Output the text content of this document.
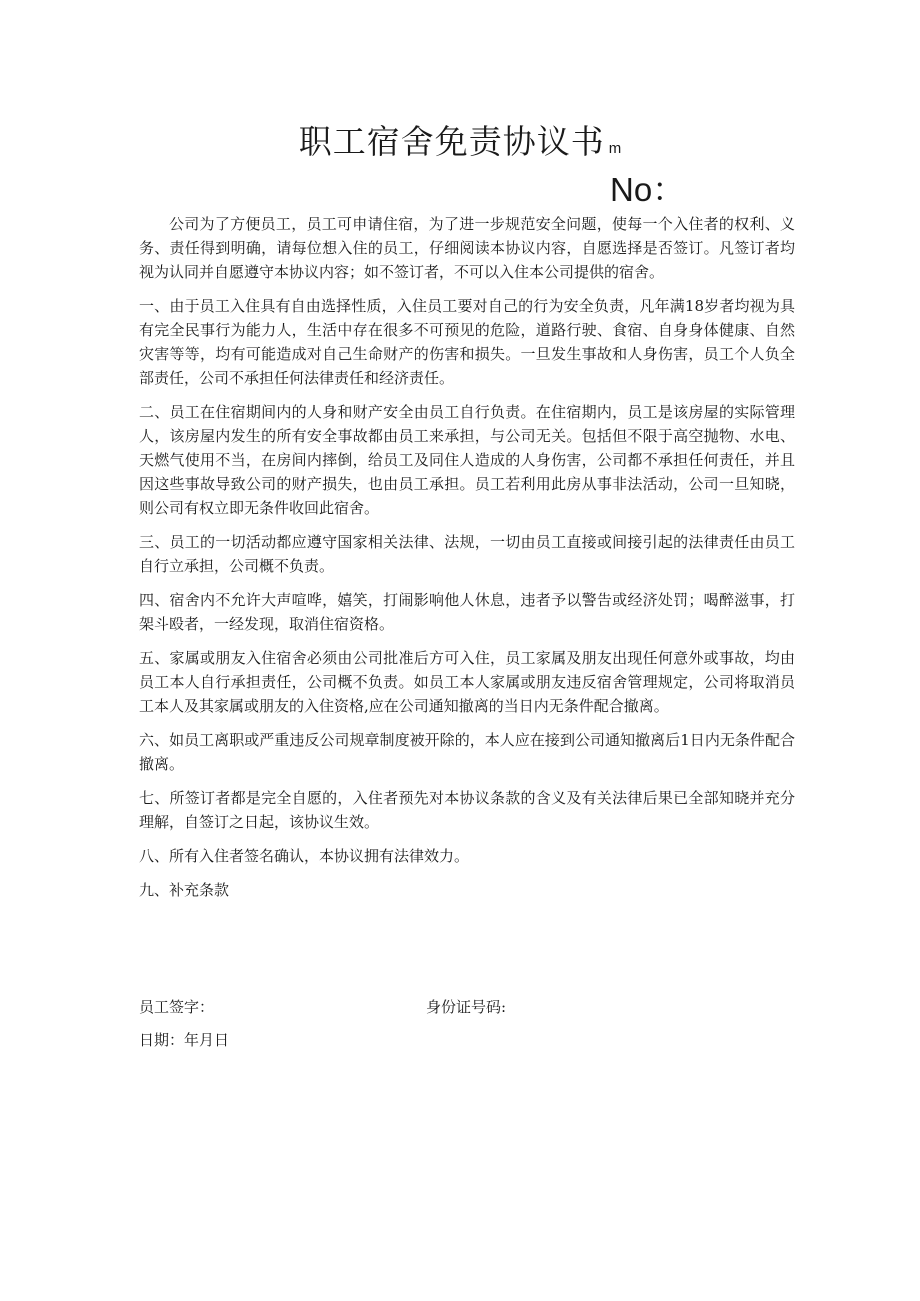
职工宿舍免责协议书 m
No：

公司为了方便员工，员工可申请住宿，为了进一步规范安全问题，使每一个入住者的权利、义务、责任得到明确，请每位想入住的员工，仔细阅读本协议内容，自愿选择是否签订。凡签订者均视为认同并自愿遵守本协议内容；如不签订者，不可以入住本公司提供的宿舍。

一、由于员工入住具有自由选择性质，入住员工要对自己的行为安全负责，凡年满18岁者均视为具有完全民事行为能力人，生活中存在很多不可预见的危险，道路行驶、食宿、自身身体健康、自然灾害等等，均有可能造成对自己生命财产的伤害和损失。一旦发生事故和人身伤害，员工个人负全部责任，公司不承担任何法律责任和经济责任。

二、员工在住宿期间内的人身和财产安全由员工自行负责。在住宿期内，员工是该房屋的实际管理人，该房屋内发生的所有安全事故都由员工来承担，与公司无关。包括但不限于高空抛物、水电、天燃气使用不当，在房间内摔倒，给员工及同住人造成的人身伤害，公司都不承担任何责任，并且因这些事故导致公司的财产损失，也由员工承担。员工若利用此房从事非法活动，公司一旦知晓，则公司有权立即无条件收回此宿舍。

三、员工的一切活动都应遵守国家相关法律、法规，一切由员工直接或间接引起的法律责任由员工自行立承担，公司概不负责。

四、宿舍内不允许大声喧哗，嬉笑，打闹影响他人休息，违者予以警告或经济处罚；喝醉滋事，打架斗殴者，一经发现，取消住宿资格。

五、家属或朋友入住宿舍必须由公司批准后方可入住，员工家属及朋友出现任何意外或事故，均由员工本人自行承担责任，公司概不负责。如员工本人家属或朋友违反宿舍管理规定，公司将取消员工本人及其家属或朋友的入住资格,应在公司通知撤离的当日内无条件配合撤离。

六、如员工离职或严重违反公司规章制度被开除的，本人应在接到公司通知撤离后1日内无条件配合撤离。

七、所签订者都是完全自愿的，入住者预先对本协议条款的含义及有关法律后果已全部知晓并充分理解，自签订之日起，该协议生效。

八、所有入住者签名确认，本协议拥有法律效力。

九、补充条款

员工签字：	身份证号码:
日期：年月日
